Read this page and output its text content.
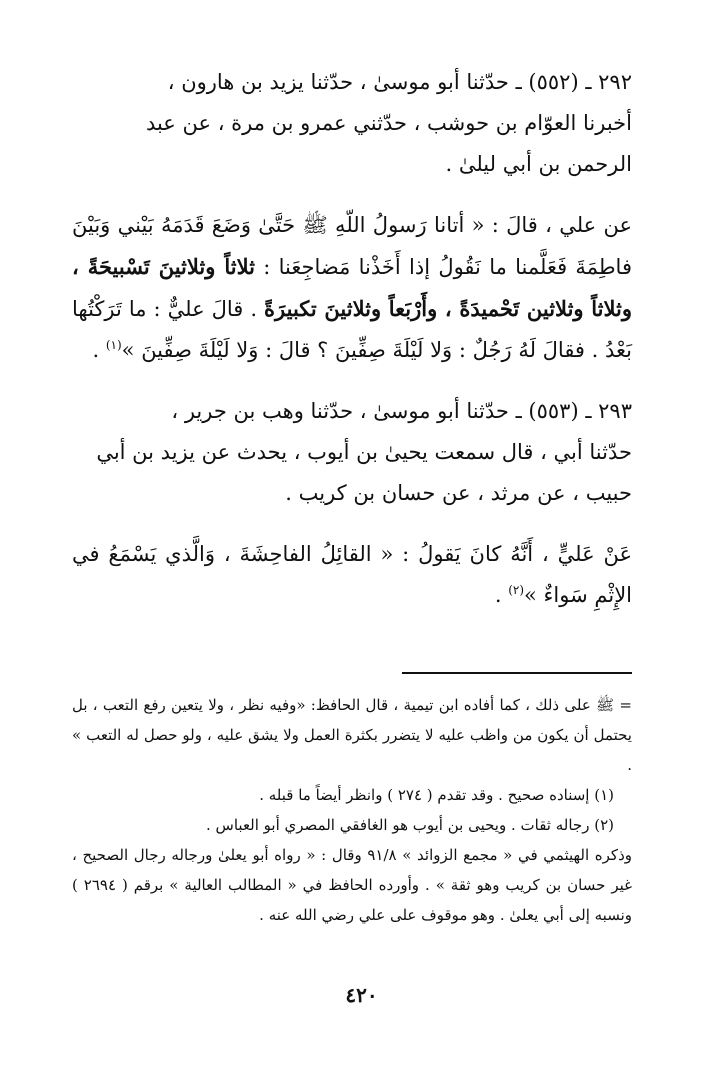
٢٩٢ ـ (٥٥٢) ـ حدّثنا أبو موسىٰ ، حدّثنا يزيد بن هارون ،
أخبرنا العوّام بن حوشب ، حدّثني عمرو بن مرة ، عن عبد
الرحمن بن أبي ليلىٰ .

عن علي ، قالَ : « أتانا رَسولُ اللّهِ ﷺ حَتَّىٰ وَضَعَ قَدَمَهُ بَيْني وَبَيْنَ فاطِمَةَ فَعَلَّمنا ما نَقُولُ إذا أَخَذْنا مَضاجِعَنا : ثلاثاً وثلاثينَ تَسْبيحَةً ، وثلاثاً وثلاثين تَحْميدَةً ، وأَرْبَعاً وثلاثينَ تكبيرَةً . قالَ عليٌّ : ما تَرَكْتُها بَعْدُ . فقالَ لَهُ رَجُلٌ : وَلا لَيْلَةَ صِفِّينَ ؟ قالَ : وَلا لَيْلَةَ صِفِّينَ »$^{(١)}$ .

٢٩٣ ـ (٥٥٣) ـ حدّثنا أبو موسىٰ ، حدّثنا وهب بن جرير ،
حدّثنا أبي ، قال سمعت يحيىٰ بن أيوب ، يحدث عن يزيد بن أبي
حبيب ، عن مرثد ، عن حسان بن كريب .

عَنْ عَليٍّ ، أَنَّهُ كانَ يَقولُ : « القائِلُ الفاحِشَةَ ، وَالَّذي يَسْمَعُ في الإِثْمِ سَواءٌ »$^{(٢)}$ .

= ﷺ على ذلك ، كما أفاده ابن تيمية ، قال الحافظ: «وفيه نظر ، ولا يتعين رفع التعب ، بل يحتمل أن يكون من واظب عليه لا يتضرر بكثرة العمل ولا يشق عليه ، ولو حصل له التعب » .

(١) إسناده صحيح . وقد تقدم ( ٢٧٤ ) وانظر أيضاً ما قبله .

(٢) رجاله ثقات . ويحيى بن أيوب هو الغافقي المصري أبو العباس .

وذكره الهيثمي في « مجمع الزوائد » ٩١/٨ وقال : « رواه أبو يعلىٰ ورجاله رجال الصحيح ، غير حسان بن كريب وهو ثقة » . وأورده الحافظ في « المطالب العالية » برقم ( ٢٦٩٤ ) ونسبه إلى أبي يعلىٰ . وهو موقوف على علي رضي الله عنه .

٤٢٠
